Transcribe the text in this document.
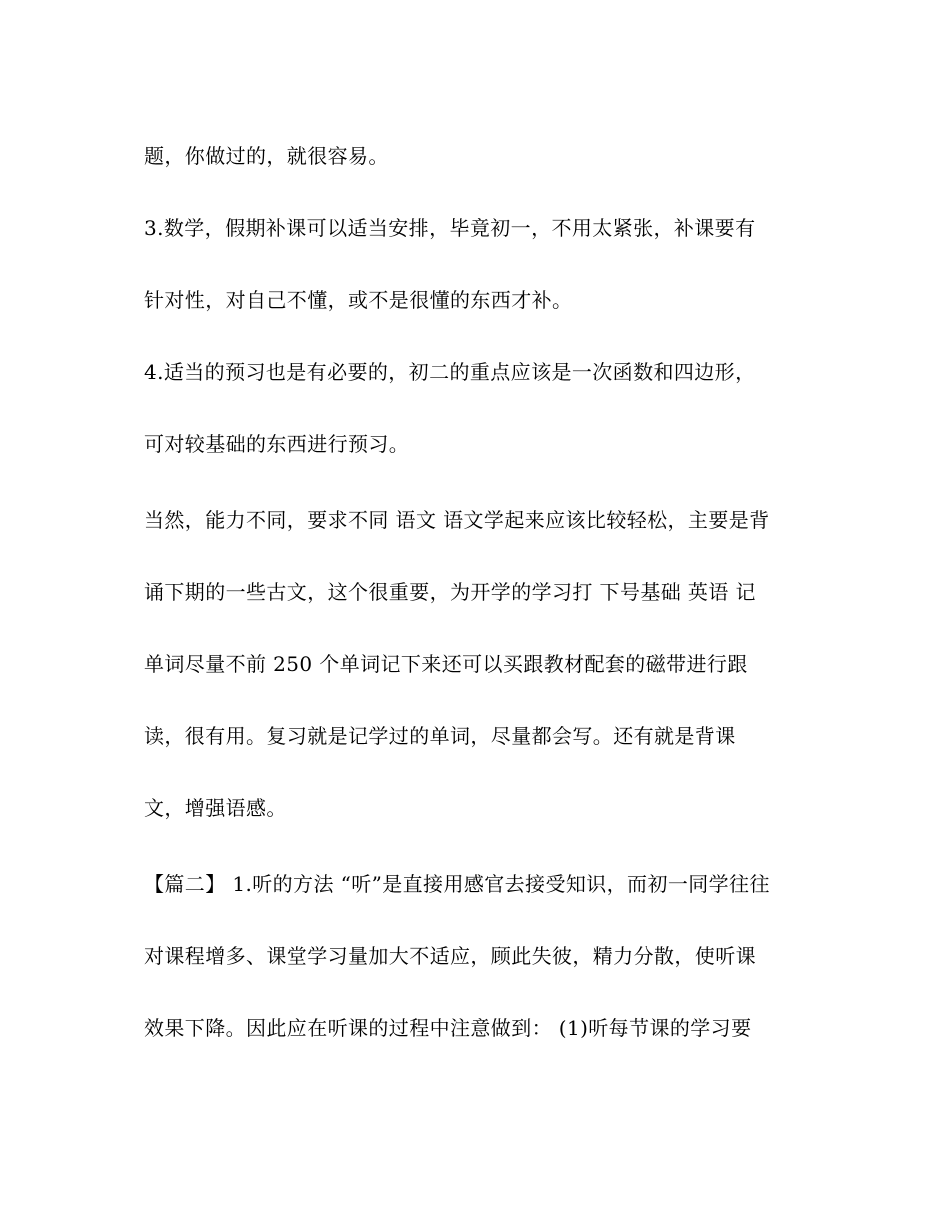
题，你做过的，就很容易。
3.数学，假期补课可以适当安排，毕竟初一，不用太紧张，补课要有
针对性，对自己不懂，或不是很懂的东西才补。
4.适当的预习也是有必要的，初二的重点应该是一次函数和四边形，
可对较基础的东西进行预习。
当然，能力不同，要求不同 语文 语文学起来应该比较轻松，主要是背
诵下期的一些古文，这个很重要，为开学的学习打 下号基础 英语 记
单词尽量不前 250 个单词记下来还可以买跟教材配套的磁带进行跟
读，很有用。复习就是记学过的单词，尽量都会写。还有就是背课
文，增强语感。
【篇二】 1.听的方法 “听”是直接用感官去接受知识，而初一同学往往
对课程增多、课堂学习量加大不适应，顾此失彼，精力分散，使听课
效果下降。因此应在听课的过程中注意做到： (1)听每节课的学习要
